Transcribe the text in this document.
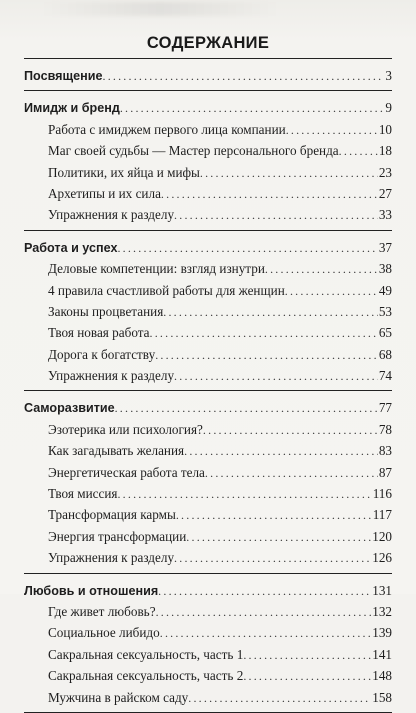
СОДЕРЖАНИЕ
Посвящение .....	3
Имидж и бренд .....	9
Работа с имиджем первого лица компании .....	10
Маг своей судьбы — Мастер персонального бренда .....	18
Политики, их яйца и мифы .....	23
Архетипы и их сила .....	27
Упражнения к разделу .....	33
Работа и успех .....	37
Деловые компетенции: взгляд изнутри .....	38
4 правила счастливой работы для женщин .....	49
Законы процветания .....	53
Твоя новая работа .....	65
Дорога к богатству .....	68
Упражнения к разделу .....	74
Саморазвитие .....	77
Эзотерика или психология? .....	78
Как загадывать желания .....	83
Энергетическая работа тела .....	87
Твоя миссия .....	116
Трансформация кармы .....	117
Энергия трансформации .....	120
Упражнения к разделу .....	126
Любовь и отношения .....	131
Где живет любовь? .....	132
Социальное либидо .....	139
Сакральная сексуальность, часть 1 .....	141
Сакральная сексуальность, часть 2 .....	148
Мужчина в райском саду .....	158
